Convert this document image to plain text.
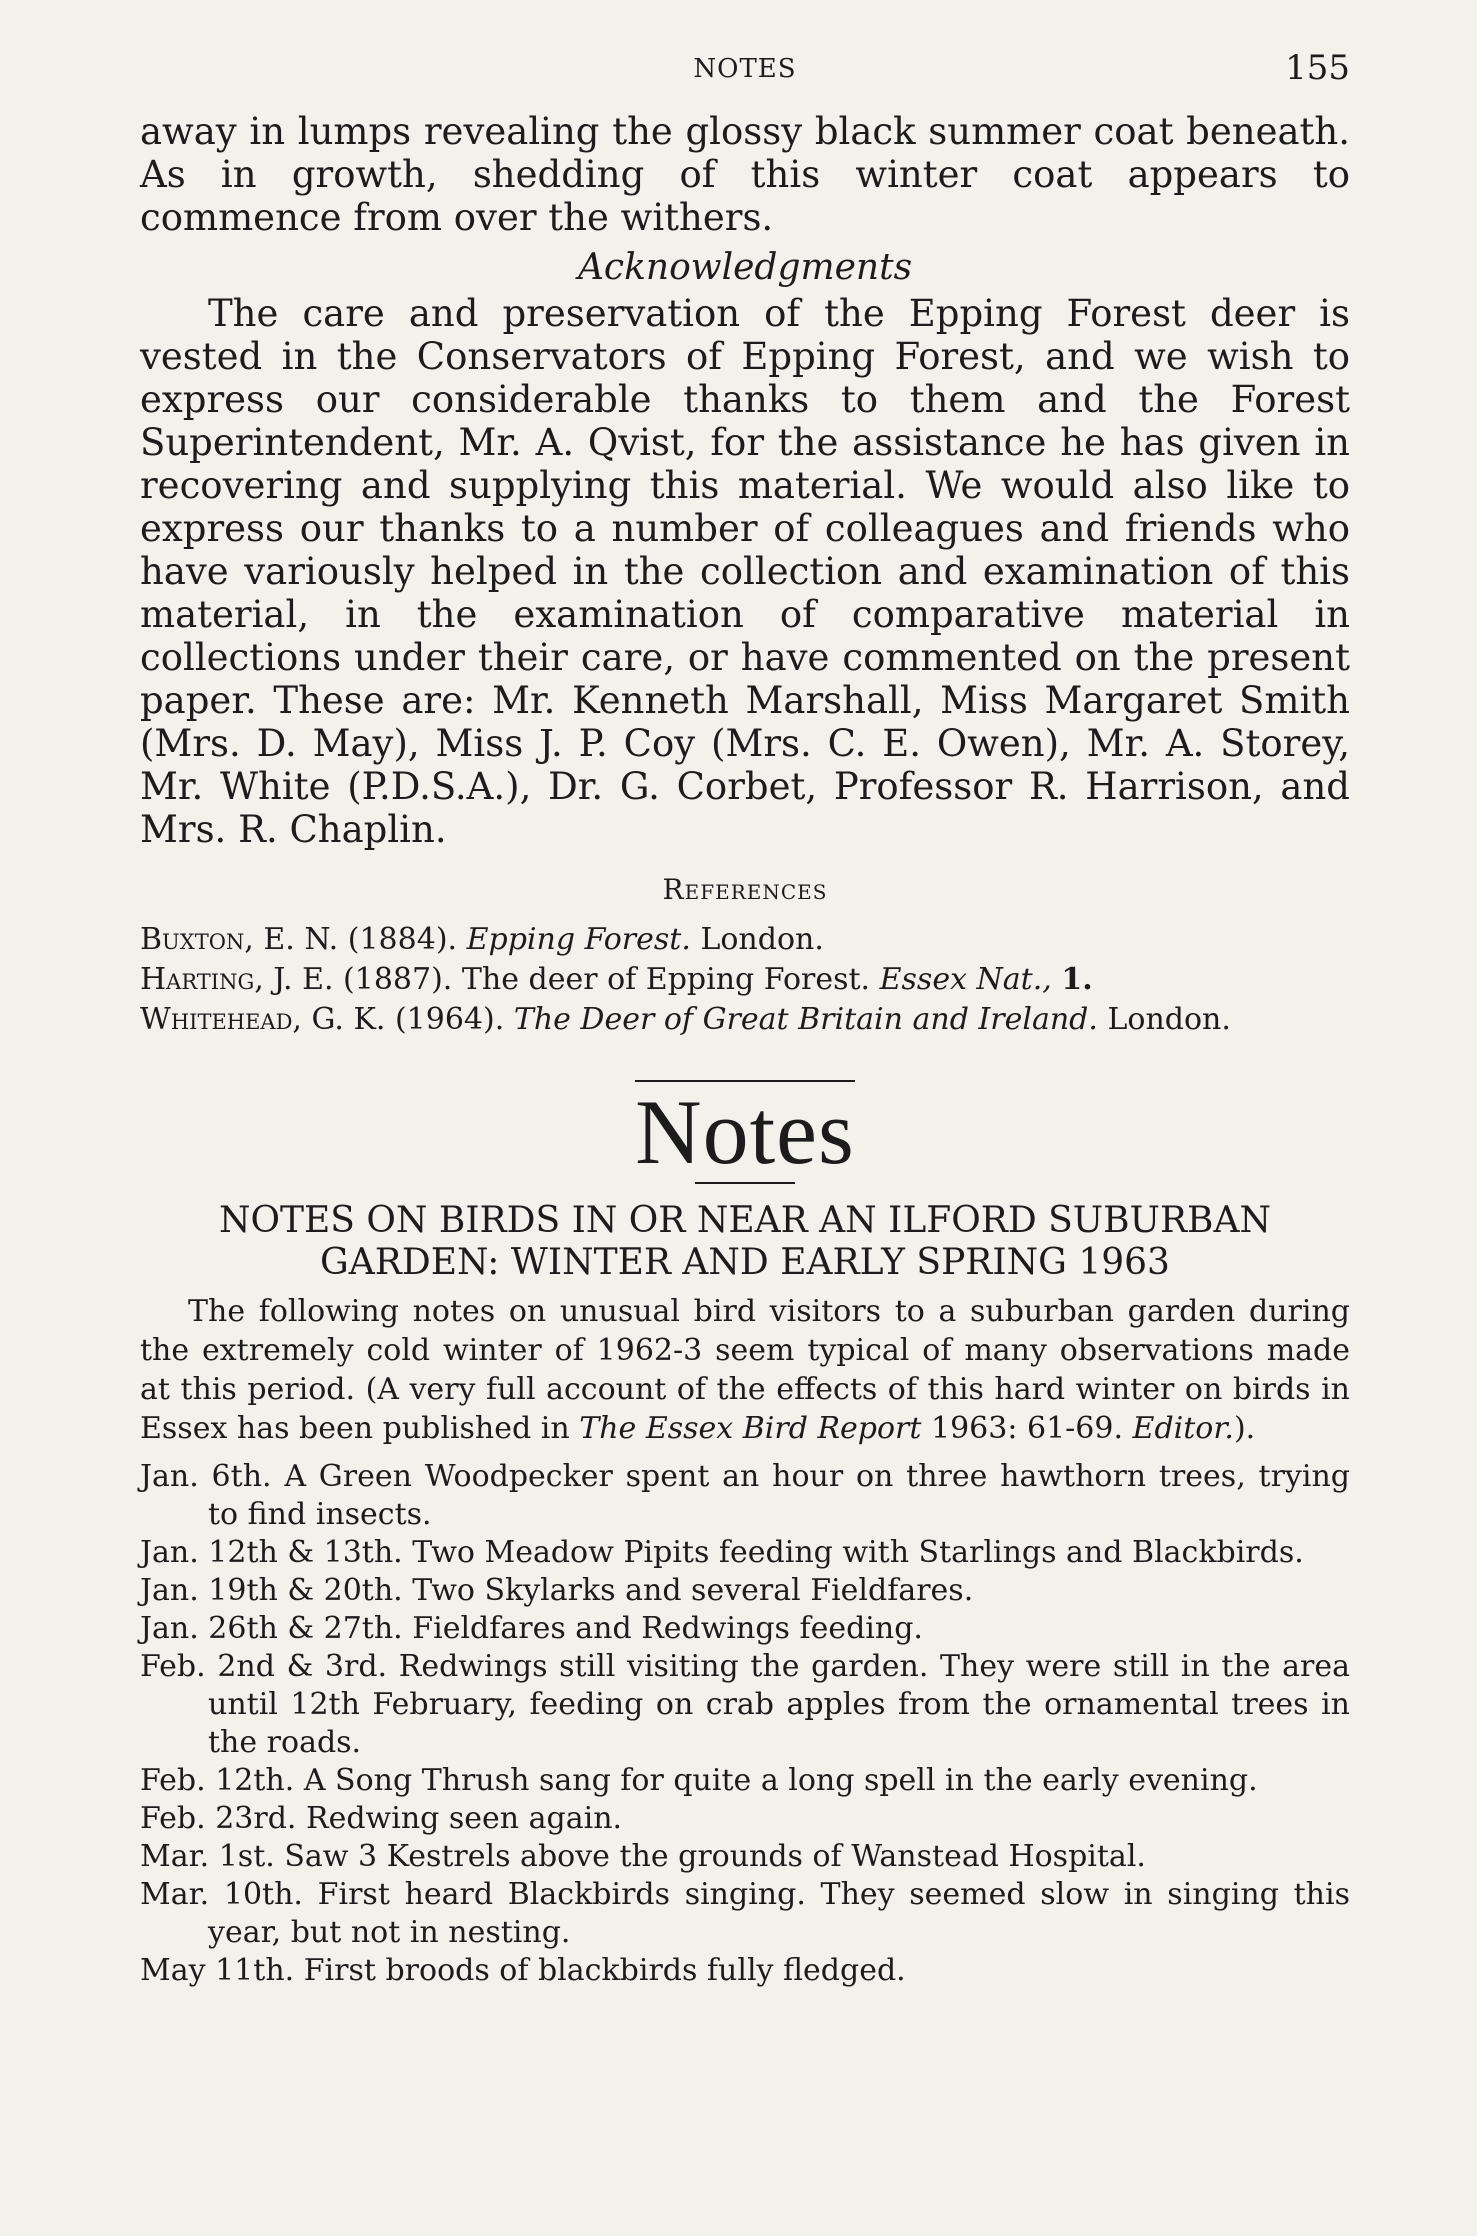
NOTES	155

away in lumps revealing the glossy black summer coat beneath. As in growth, shedding of this winter coat appears to commence from over the withers.

Acknowledgments

The care and preservation of the Epping Forest deer is vested in the Conservators of Epping Forest, and we wish to express our considerable thanks to them and the Forest Superintendent, Mr. A. Qvist, for the assistance he has given in recovering and supplying this material. We would also like to express our thanks to a number of colleagues and friends who have variously helped in the collection and examination of this material, in the examination of comparative material in collections under their care, or have commented on the present paper. These are: Mr. Kenneth Marshall, Miss Margaret Smith (Mrs. D. May), Miss J. P. Coy (Mrs. C. E. Owen), Mr. A. Storey, Mr. White (P.D.S.A.), Dr. G. Corbet, Professor R. Harrison, and Mrs. R. Chaplin.

References

Buxton, E. N. (1884). Epping Forest. London.

Harting, J. E. (1887). The deer of Epping Forest. Essex Nat., 1.

Whitehead, G. K. (1964). The Deer of Great Britain and Ireland. London.

Notes
NOTES ON BIRDS IN OR NEAR AN ILFORD SUBURBAN
GARDEN: WINTER AND EARLY SPRING 1963

The following notes on unusual bird visitors to a suburban garden during the extremely cold winter of 1962-3 seem typical of many observations made at this period. (A very full account of the effects of this hard winter on birds in Essex has been published in The Essex Bird Report 1963: 61-69. Editor.).

Jan. 6th. A Green Woodpecker spent an hour on three hawthorn trees, trying to find insects.

Jan. 12th & 13th. Two Meadow Pipits feeding with Starlings and Blackbirds.

Jan. 19th & 20th. Two Skylarks and several Fieldfares.

Jan. 26th & 27th. Fieldfares and Redwings feeding.

Feb. 2nd & 3rd. Redwings still visiting the garden. They were still in the area until 12th February, feeding on crab apples from the ornamental trees in the roads.

Feb. 12th. A Song Thrush sang for quite a long spell in the early evening.

Feb. 23rd. Redwing seen again.

Mar. 1st. Saw 3 Kestrels above the grounds of Wanstead Hospital.

Mar. 10th. First heard Blackbirds singing. They seemed slow in singing this year, but not in nesting.

May 11th. First broods of blackbirds fully fledged.
